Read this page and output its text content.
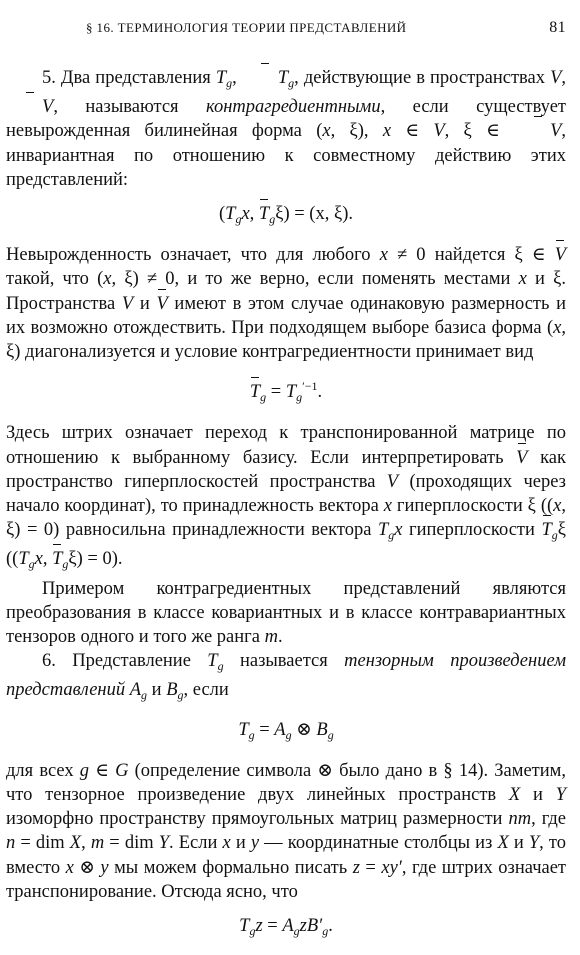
§ 16. ТЕРМИНОЛОГИЯ ТЕОРИИ ПРЕДСТАВЛЕНИЙ	81

5. Два представления $T_g$, $T_g$, действующие в пространствах V, V, называются контрагредиентными, если существует невырожденная билинейная форма (x, ξ), x ∈ V, ξ ∈ V, инвариантная по отношению к совместному действию этих представлений:

($T_gx$, $T_g\xi) = (x$, ξ).

Невырожденность означает, что для любого x ≠ 0 найдется ξ ∈ V такой, что (x, ξ) ≠ 0, и то же верно, если поменять местами x и ξ. Пространства V и V имеют в этом случае одинаковую размерность и их возможно отождествить. При подходящем выборе базиса форма (x, ξ) диагонализуется и условие контрагредиентности принимает вид

$T_g = T_g^{'-1}$.

Здесь штрих означает переход к транспонированной матрице по отношению к выбранному базису. Если интерпретировать V как пространство гиперплоскостей пространства V (проходящих через начало координат), то принадлежность вектора x гиперплоскости ξ ((x, ξ) = 0) равносильна принадлежности вектора $T_gx$ гиперплоскости $T_g\xi$ (($T_gx$, $T_g\xi) = 0$).

Примером контрагредиентных представлений являются преобразования в классе ковариантных и в классе контравариантных тензоров одного и того же ранга m.

6. Представление $T_g$ называется тензорным произведением представлений $A_g$ и $B_g$, если

$T_g = A_g$ ⊗ $B_g$

для всех g ∈ G (определение символа ⊗ было дано в § 14). Заметим, что тензорное произведение двух линейных пространств X и Y изоморфно пространству прямоугольных матриц размерности nm, где n = dim X, m = dim Y. Если x и y — координатные столбцы из X и Y, то вместо x ⊗ y мы можем формально писать z = xy′, где штрих означает транспонирование. Отсюда ясно, что

$T_gz = A_gzB'_g$.
